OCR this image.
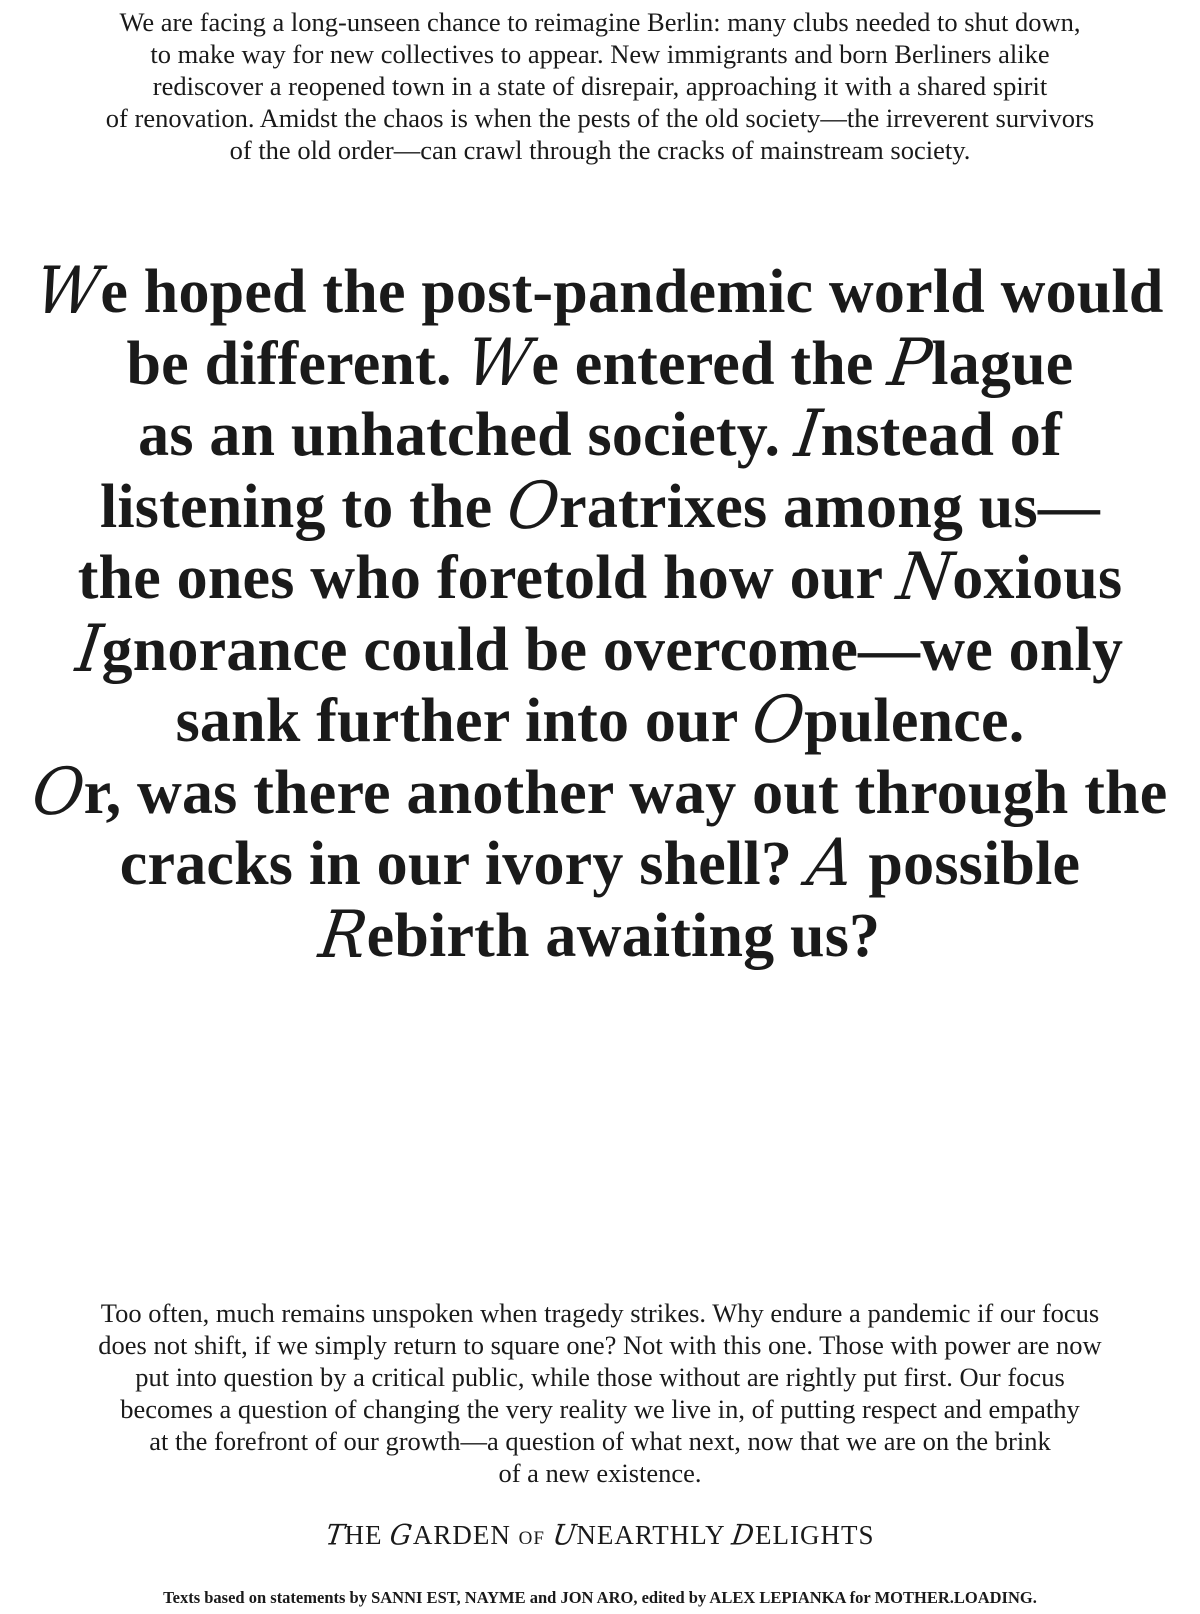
We are facing a long-unseen chance to reimagine Berlin: many clubs needed to shut down,
to make way for new collectives to appear. New immigrants and born Berliners alike
rediscover a reopened town in a state of disrepair, approaching it with a shared spirit
of renovation. Amidst the chaos is when the pests of the old society—the irreverent survivors
of the old order—can crawl through the cracks of mainstream society.
We hoped the post-pandemic world would
be different. We entered the Plague
as an unhatched society. Instead of
listening to the Oratrixes among us—
the ones who foretold how our Noxious
Ignorance could be overcome—we only
sank further into our Opulence.
Or, was there another way out through the
cracks in our ivory shell? A possible
Rebirth awaiting us?
Too often, much remains unspoken when tragedy strikes. Why endure a pandemic if our focus
does not shift, if we simply return to square one? Not with this one. Those with power are now
put into question by a critical public, while those without are rightly put first. Our focus
becomes a question of changing the very reality we live in, of putting respect and empathy
at the forefront of our growth—a question of what next, now that we are on the brink
of a new existence.
THE GARDEN OF UNEARTHLY DELIGHTS
Texts based on statements by SANNI EST, NAYME and JON ARO, edited by ALEX LEPIANKA for MOTHER.LOADING.
